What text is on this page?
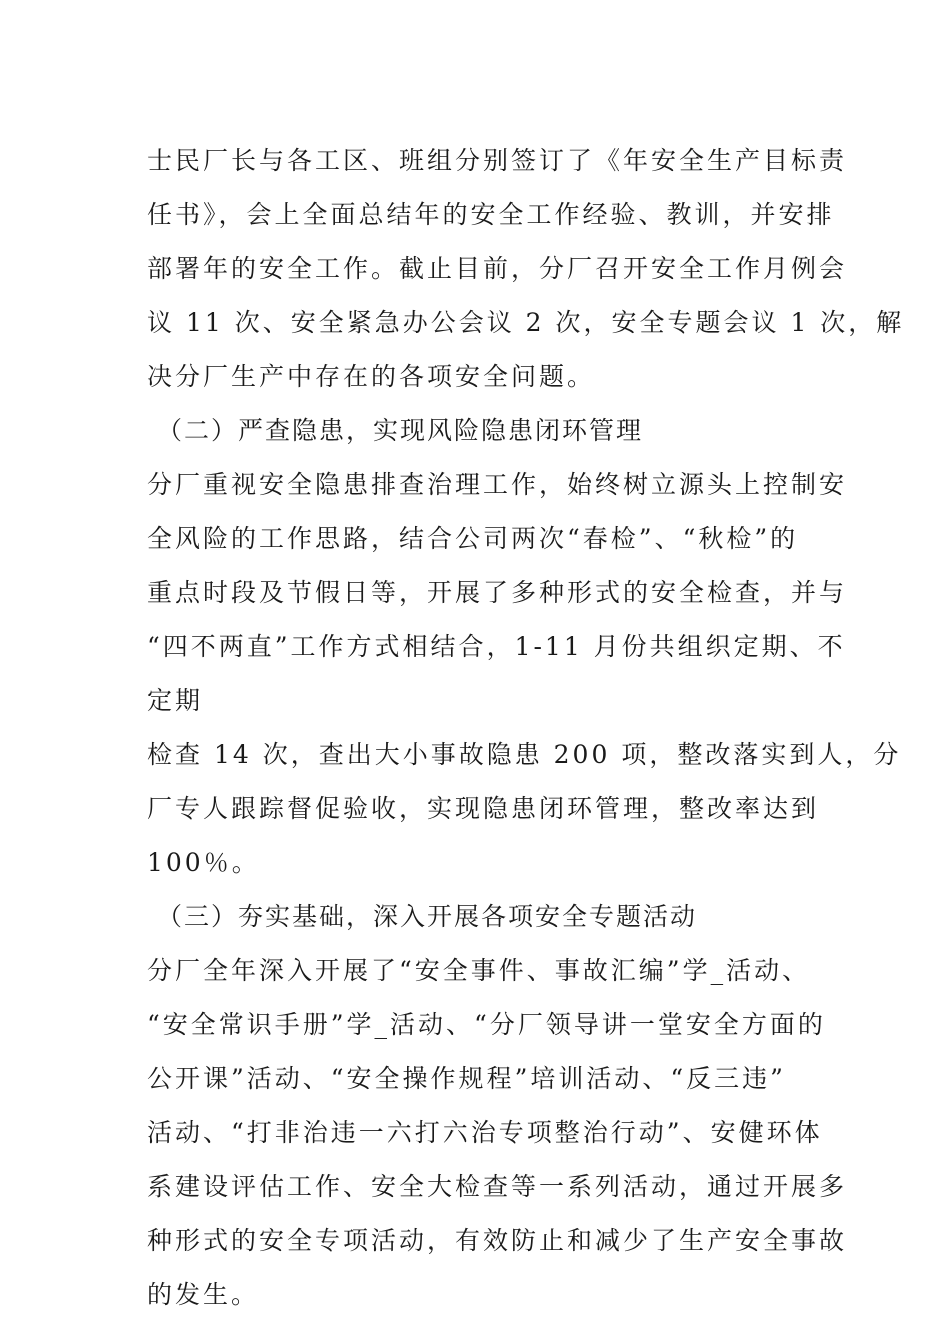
士民厂长与各工区、班组分别签订了《年安全生产目标责
任书》，会上全面总结年的安全工作经验、教训，并安排
部署年的安全工作。截止目前，分厂召开安全工作月例会
议 11 次、安全紧急办公会议 2 次，安全专题会议 1 次，解
决分厂生产中存在的各项安全问题。
（二）严查隐患，实现风险隐患闭环管理
分厂重视安全隐患排查治理工作，始终树立源头上控制安
全风险的工作思路，结合公司两次“春检”、“秋检”的
重点时段及节假日等，开展了多种形式的安全检查，并与
“四不两直”工作方式相结合，1-11 月份共组织定期、不
定期
检查 14 次，查出大小事故隐患 200 项，整改落实到人，分
厂专人跟踪督促验收，实现隐患闭环管理，整改率达到
100％。
（三）夯实基础，深入开展各项安全专题活动
分厂全年深入开展了“安全事件、事故汇编”学_活动、
“安全常识手册”学_活动、“分厂领导讲一堂安全方面的
公开课”活动、“安全操作规程”培训活动、“反三违”
活动、“打非治违一六打六治专项整治行动”、安健环体
系建设评估工作、安全大检查等一系列活动，通过开展多
种形式的安全专项活动，有效防止和减少了生产安全事故
的发生。
